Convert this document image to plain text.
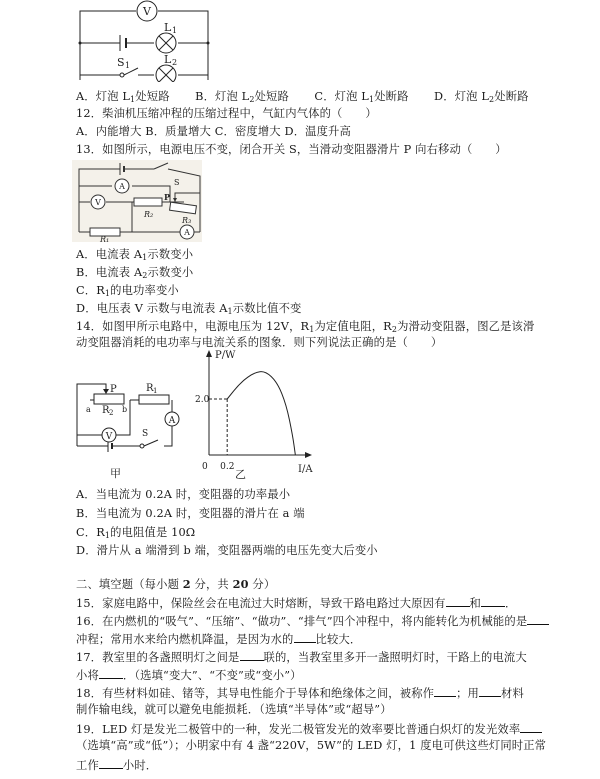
V
L 1
L 2
S 1
A．灯泡 $L_1$处短路 B．灯泡 $L_2$处短路 C．灯泡 $L_1$处断路 D．灯泡 $L_2$处断路
12．柴油机压缩冲程的压缩过程中，气缸内气体的（　　）
A．内能增大 B．质量增大 C．密度增大 D．温度升高
13．如图所示，电源电压不变，闭合开关 S，当滑动变阻器滑片 P 向右移动（　　）
A
V
A
S
P
R₂
R₃
R₁
A．电流表 $A_1$示数变小
B．电流表 $A_2$示数变小
C．$R_1$的电功率变小
D．电压表 V 示数与电流表 $A_1$示数比值不变
14．如图甲所示电路中，电源电压为 12V，$R_1$为定值电阻，$R_2$为滑动变阻器，图乙是该滑
动变阻器消耗的电功率与电流关系的图象．则下列说法正确的是（　　）
P	R 1
R 2
a	b
V
A
S
甲
P/W
I/A
0 0.2
2.0
乙
A．当电流为 0.2A 时，变阻器的功率最小
B．当电流为 0.2A 时，变阻器的滑片在 a 端
C．$R_1$的电阻值是 10Ω
D．滑片从 a 端滑到 b 端，变阻器两端的电压先变大后变小
二、填空题（每小题 2 分，共 20 分）
15．家庭电路中，保险丝会在电流过大时熔断，导致干路电路过大原因有 和 ．
16．在内燃机的“吸气”、“压缩”、“做功”、“排气”四个冲程中，将内能转化为机械能的是
冲程；常用水来给内燃机降温，是因为水的 比较大．
17．教室里的各盏照明灯之间是 联的，当教室里多开一盏照明灯时，干路上的电流大
小将 ．（选填“变大”、“不变”或“变小”）
18．有些材料如硅、锗等，其导电性能介于导体和绝缘体之间，被称作 ；用 材料
制作输电线，就可以避免电能损耗．（选填“半导体”或“超导”）
19．LED 灯是发光二极管中的一种，发光二极管发光的效率要比普通白炽灯的发光效率
（选填“高”或“低”）；小明家中有 4 盏“220V，5W”的 LED 灯，1 度电可供这些灯同时正常
工作 小时．
